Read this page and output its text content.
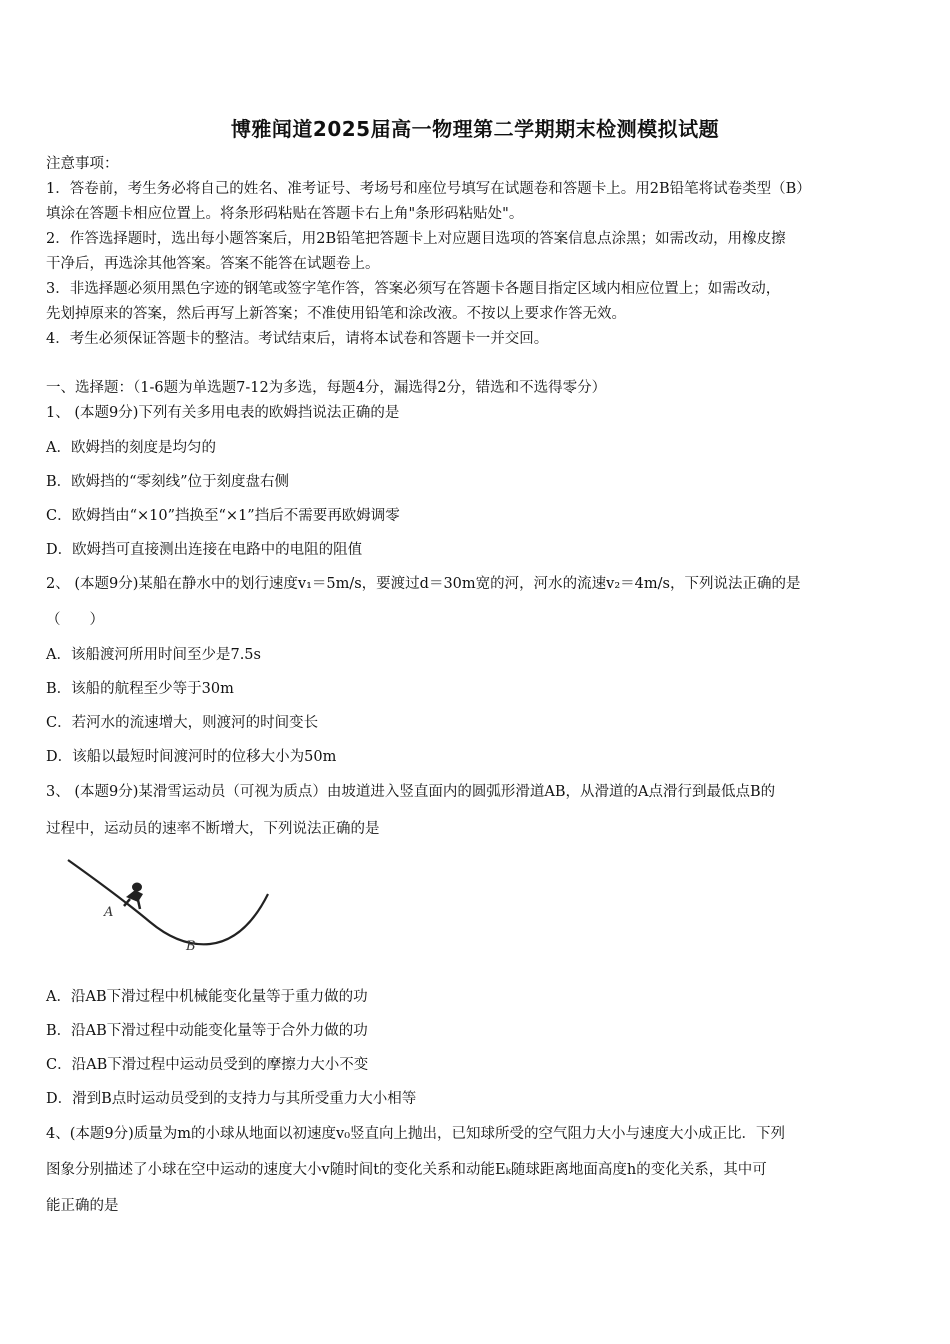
博雅闻道2025届高一物理第二学期期末检测模拟试题
注意事项：
1．答卷前，考生务必将自己的姓名、准考证号、考场号和座位号填写在试题卷和答题卡上。用2B铅笔将试卷类型（B）
填涂在答题卡相应位置上。将条形码粘贴在答题卡右上角"条形码粘贴处"。
2．作答选择题时，选出每小题答案后，用2B铅笔把答题卡上对应题目选项的答案信息点涂黑；如需改动，用橡皮擦
干净后，再选涂其他答案。答案不能答在试题卷上。
3．非选择题必须用黑色字迹的钢笔或签字笔作答，答案必须写在答题卡各题目指定区域内相应位置上；如需改动，
先划掉原来的答案，然后再写上新答案；不准使用铅笔和涂改液。不按以上要求作答无效。
4．考生必须保证答题卡的整洁。考试结束后，请将本试卷和答题卡一并交回。
一、选择题：（1-6题为单选题7-12为多选，每题4分，漏选得2分，错选和不选得零分）
1、 (本题9分)下列有关多用电表的欧姆挡说法正确的是
A．欧姆挡的刻度是均匀的
B．欧姆挡的“零刻线”位于刻度盘右侧
C．欧姆挡由“×10”挡换至“×1”挡后不需要再欧姆调零
D．欧姆挡可直接测出连接在电路中的电阻的阻值
2、 (本题9分)某船在静水中的划行速度v₁＝5m/s，要渡过d＝30m宽的河，河水的流速v₂＝4m/s，下列说法正确的是
（　　）
A．该船渡河所用时间至少是7.5s
B．该船的航程至少等于30m
C．若河水的流速增大，则渡河的时间变长
D．该船以最短时间渡河时的位移大小为50m
3、 (本题9分)某滑雪运动员（可视为质点）由坡道进入竖直面内的圆弧形滑道AB，从滑道的A点滑行到最低点B的
过程中，运动员的速率不断增大，下列说法正确的是
A
B
A．沿AB下滑过程中机械能变化量等于重力做的功
B．沿AB下滑过程中动能变化量等于合外力做的功
C．沿AB下滑过程中运动员受到的摩擦力大小不变
D．滑到B点时运动员受到的支持力与其所受重力大小相等
4、(本题9分)质量为m的小球从地面以初速度v₀竖直向上抛出，已知球所受的空气阻力大小与速度大小成正比．下列
图象分别描述了小球在空中运动的速度大小v随时间t的变化关系和动能Eₖ随球距离地面高度h的变化关系，其中可
能正确的是
